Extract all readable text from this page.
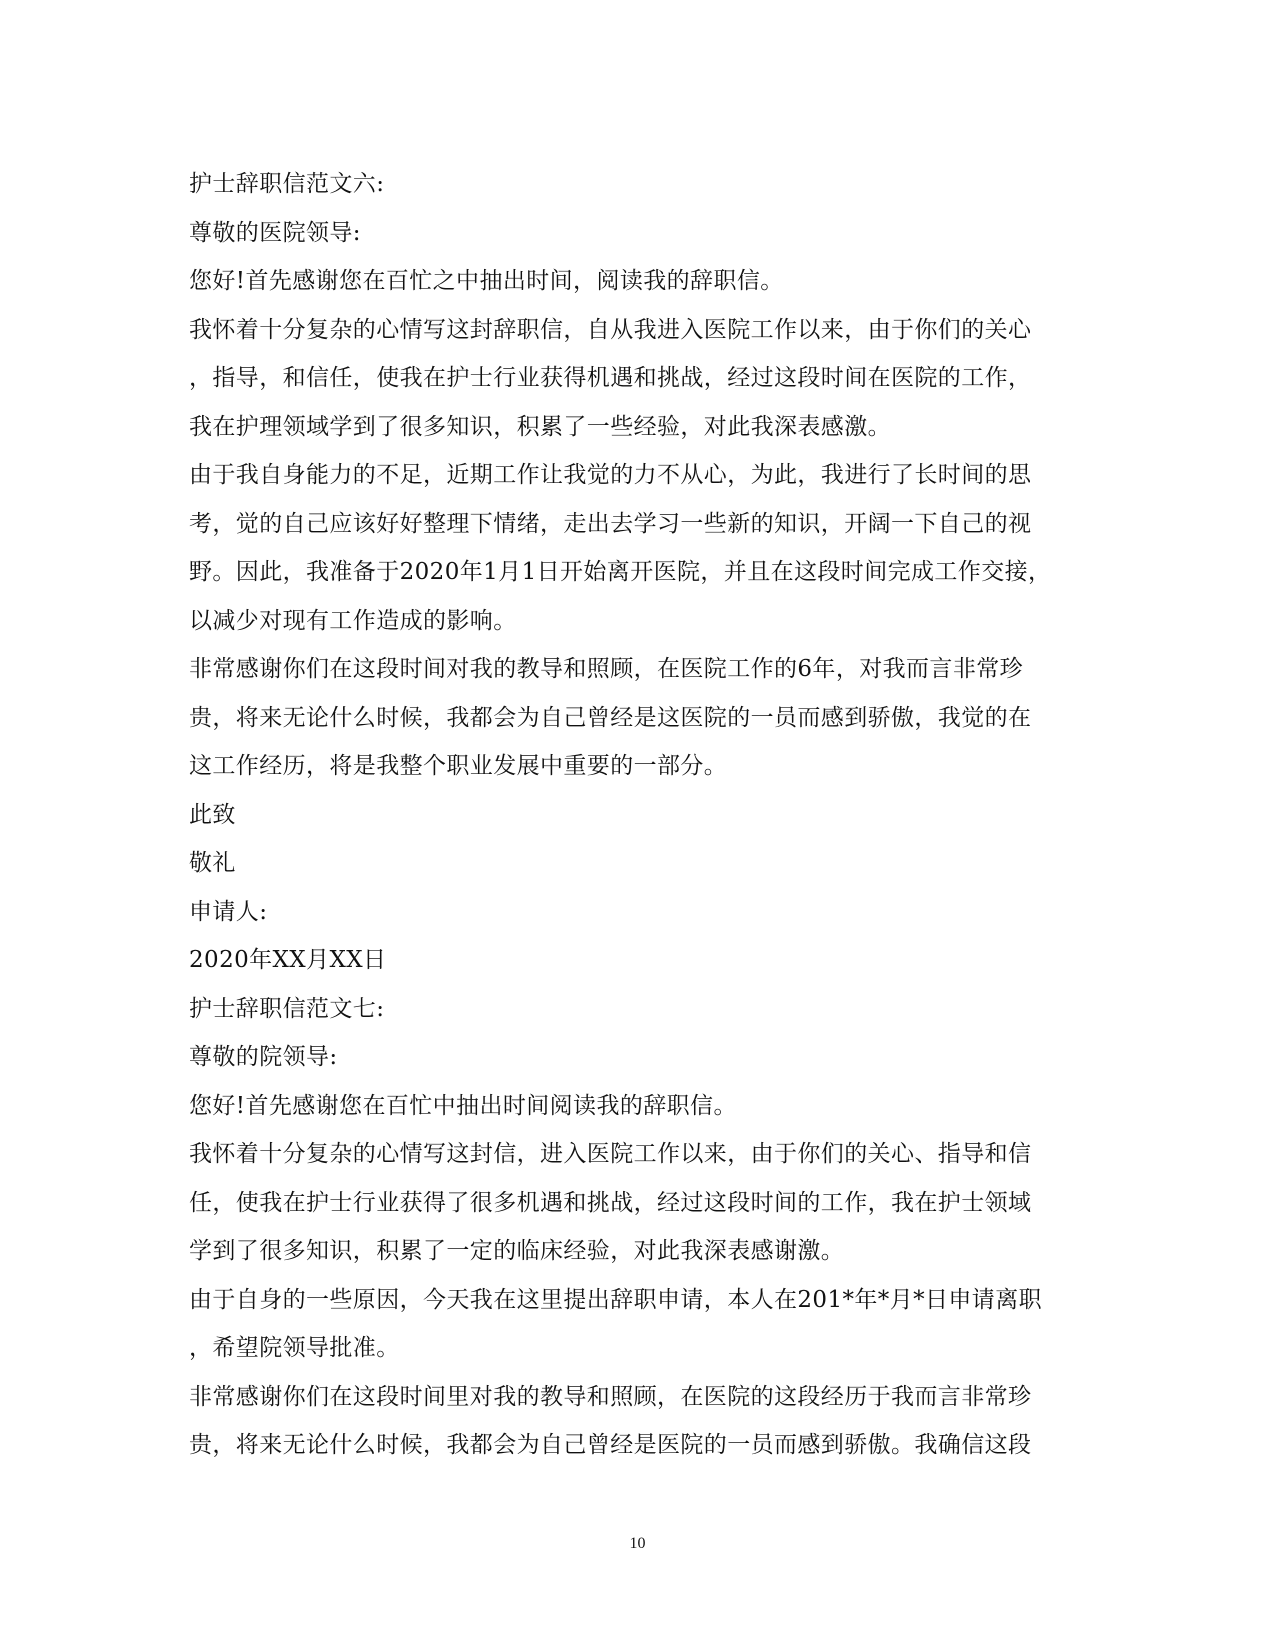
护士辞职信范文六:
尊敬的医院领导:
您好!首先感谢您在百忙之中抽出时间，阅读我的辞职信。
我怀着十分复杂的心情写这封辞职信，自从我进入医院工作以来，由于你们的关心
，指导，和信任，使我在护士行业获得机遇和挑战，经过这段时间在医院的工作，
我在护理领域学到了很多知识，积累了一些经验，对此我深表感激。
由于我自身能力的不足，近期工作让我觉的力不从心，为此，我进行了长时间的思
考，觉的自己应该好好整理下情绪，走出去学习一些新的知识，开阔一下自己的视
野。因此，我准备于2020年1月1日开始离开医院，并且在这段时间完成工作交接，
以减少对现有工作造成的影响。
非常感谢你们在这段时间对我的教导和照顾，在医院工作的6年，对我而言非常珍
贵，将来无论什么时候，我都会为自己曾经是这医院的一员而感到骄傲，我觉的在
这工作经历，将是我整个职业发展中重要的一部分。
此致
敬礼
申请人:
2020年XX月XX日
护士辞职信范文七:
尊敬的院领导:
您好!首先感谢您在百忙中抽出时间阅读我的辞职信。
我怀着十分复杂的心情写这封信，进入医院工作以来，由于你们的关心、指导和信
任，使我在护士行业获得了很多机遇和挑战，经过这段时间的工作，我在护士领域
学到了很多知识，积累了一定的临床经验，对此我深表感谢激。
由于自身的一些原因，今天我在这里提出辞职申请，本人在201*年*月*日申请离职
，希望院领导批准。
非常感谢你们在这段时间里对我的教导和照顾，在医院的这段经历于我而言非常珍
贵，将来无论什么时候，我都会为自己曾经是医院的一员而感到骄傲。我确信这段
10
